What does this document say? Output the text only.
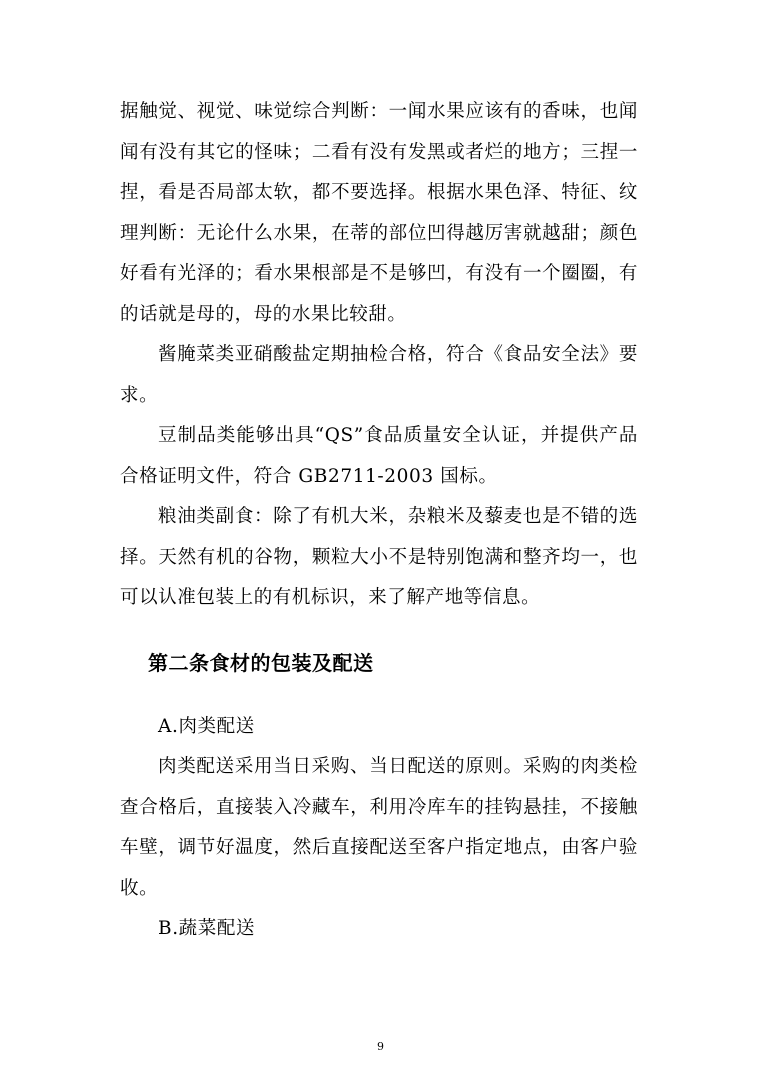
据触觉、视觉、味觉综合判断：一闻水果应该有的香味，也闻闻有没有其它的怪味；二看有没有发黑或者烂的地方；三捏一捏，看是否局部太软，都不要选择。根据水果色泽、特征、纹理判断：无论什么水果，在蒂的部位凹得越厉害就越甜；颜色好看有光泽的；看水果根部是不是够凹，有没有一个圈圈，有的话就是母的，母的水果比较甜。

酱腌菜类亚硝酸盐定期抽检合格，符合《食品安全法》要求。

豆制品类能够出具“QS”食品质量安全认证，并提供产品合格证明文件，符合 GB2711-2003 国标。

粮油类副食：除了有机大米，杂粮米及藜麦也是不错的选择。天然有机的谷物，颗粒大小不是特别饱满和整齐均一，也可以认准包装上的有机标识，来了解产地等信息。

第二条食材的包装及配送

A.肉类配送

肉类配送采用当日采购、当日配送的原则。采购的肉类检查合格后，直接装入冷藏车，利用冷库车的挂钩悬挂，不接触车壁，调节好温度，然后直接配送至客户指定地点，由客户验收。

B.蔬菜配送

9
